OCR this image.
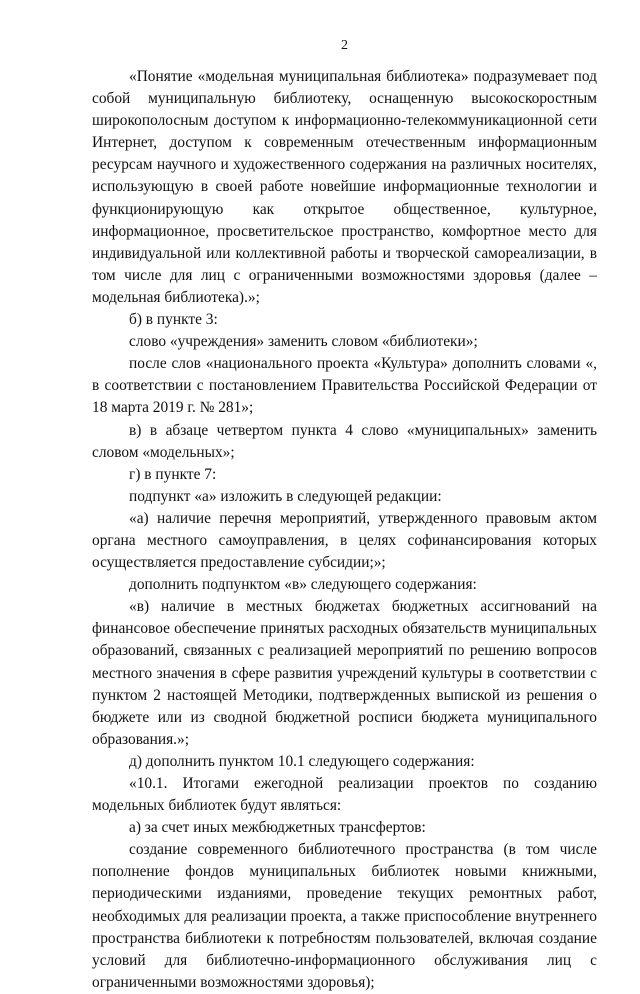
2

«Понятие «модельная муниципальная библиотека» подразумевает под собой муниципальную библиотеку, оснащенную высокоскоростным широкополосным доступом к информационно-телекоммуникационной сети Интернет, доступом к современным отечественным информационным ресурсам научного и художественного содержания на различных носителях, использующую в своей работе новейшие информационные технологии и функционирующую как открытое общественное, культурное, информационное, просветительское пространство, комфортное место для индивидуальной или коллективной работы и творческой самореализации, в том числе для лиц с ограниченными возможностями здоровья (далее – модельная библиотека).»;

б) в пункте 3:

слово «учреждения» заменить словом «библиотеки»;

после слов «национального проекта «Культура» дополнить словами «, в соответствии с постановлением Правительства Российской Федерации от 18 марта 2019 г. № 281»;

в) в абзаце четвертом пункта 4 слово «муниципальных» заменить словом «модельных»;

г) в пункте 7:

подпункт «а» изложить в следующей редакции:

«а) наличие перечня мероприятий, утвержденного правовым актом органа местного самоуправления, в целях софинансирования которых осуществляется предоставление субсидии;»;

дополнить подпунктом «в» следующего содержания:

«в) наличие в местных бюджетах бюджетных ассигнований на финансовое обеспечение принятых расходных обязательств муниципальных образований, связанных с реализацией мероприятий по решению вопросов местного значения в сфере развития учреждений культуры в соответствии с пунктом 2 настоящей Методики, подтвержденных выпиской из решения о бюджете или из сводной бюджетной росписи бюджета муниципального образования.»;

д) дополнить пунктом 10.1 следующего содержания:

«10.1. Итогами ежегодной реализации проектов по созданию модельных библиотек будут являться:

а) за счет иных межбюджетных трансфертов:

создание современного библиотечного пространства (в том числе пополнение фондов муниципальных библиотек новыми книжными, периодическими изданиями, проведение текущих ремонтных работ, необходимых для реализации проекта, а также приспособление внутреннего пространства библиотеки к потребностям пользователей, включая создание условий для библиотечно-информационного обслуживания лиц с ограниченными возможностями здоровья);
